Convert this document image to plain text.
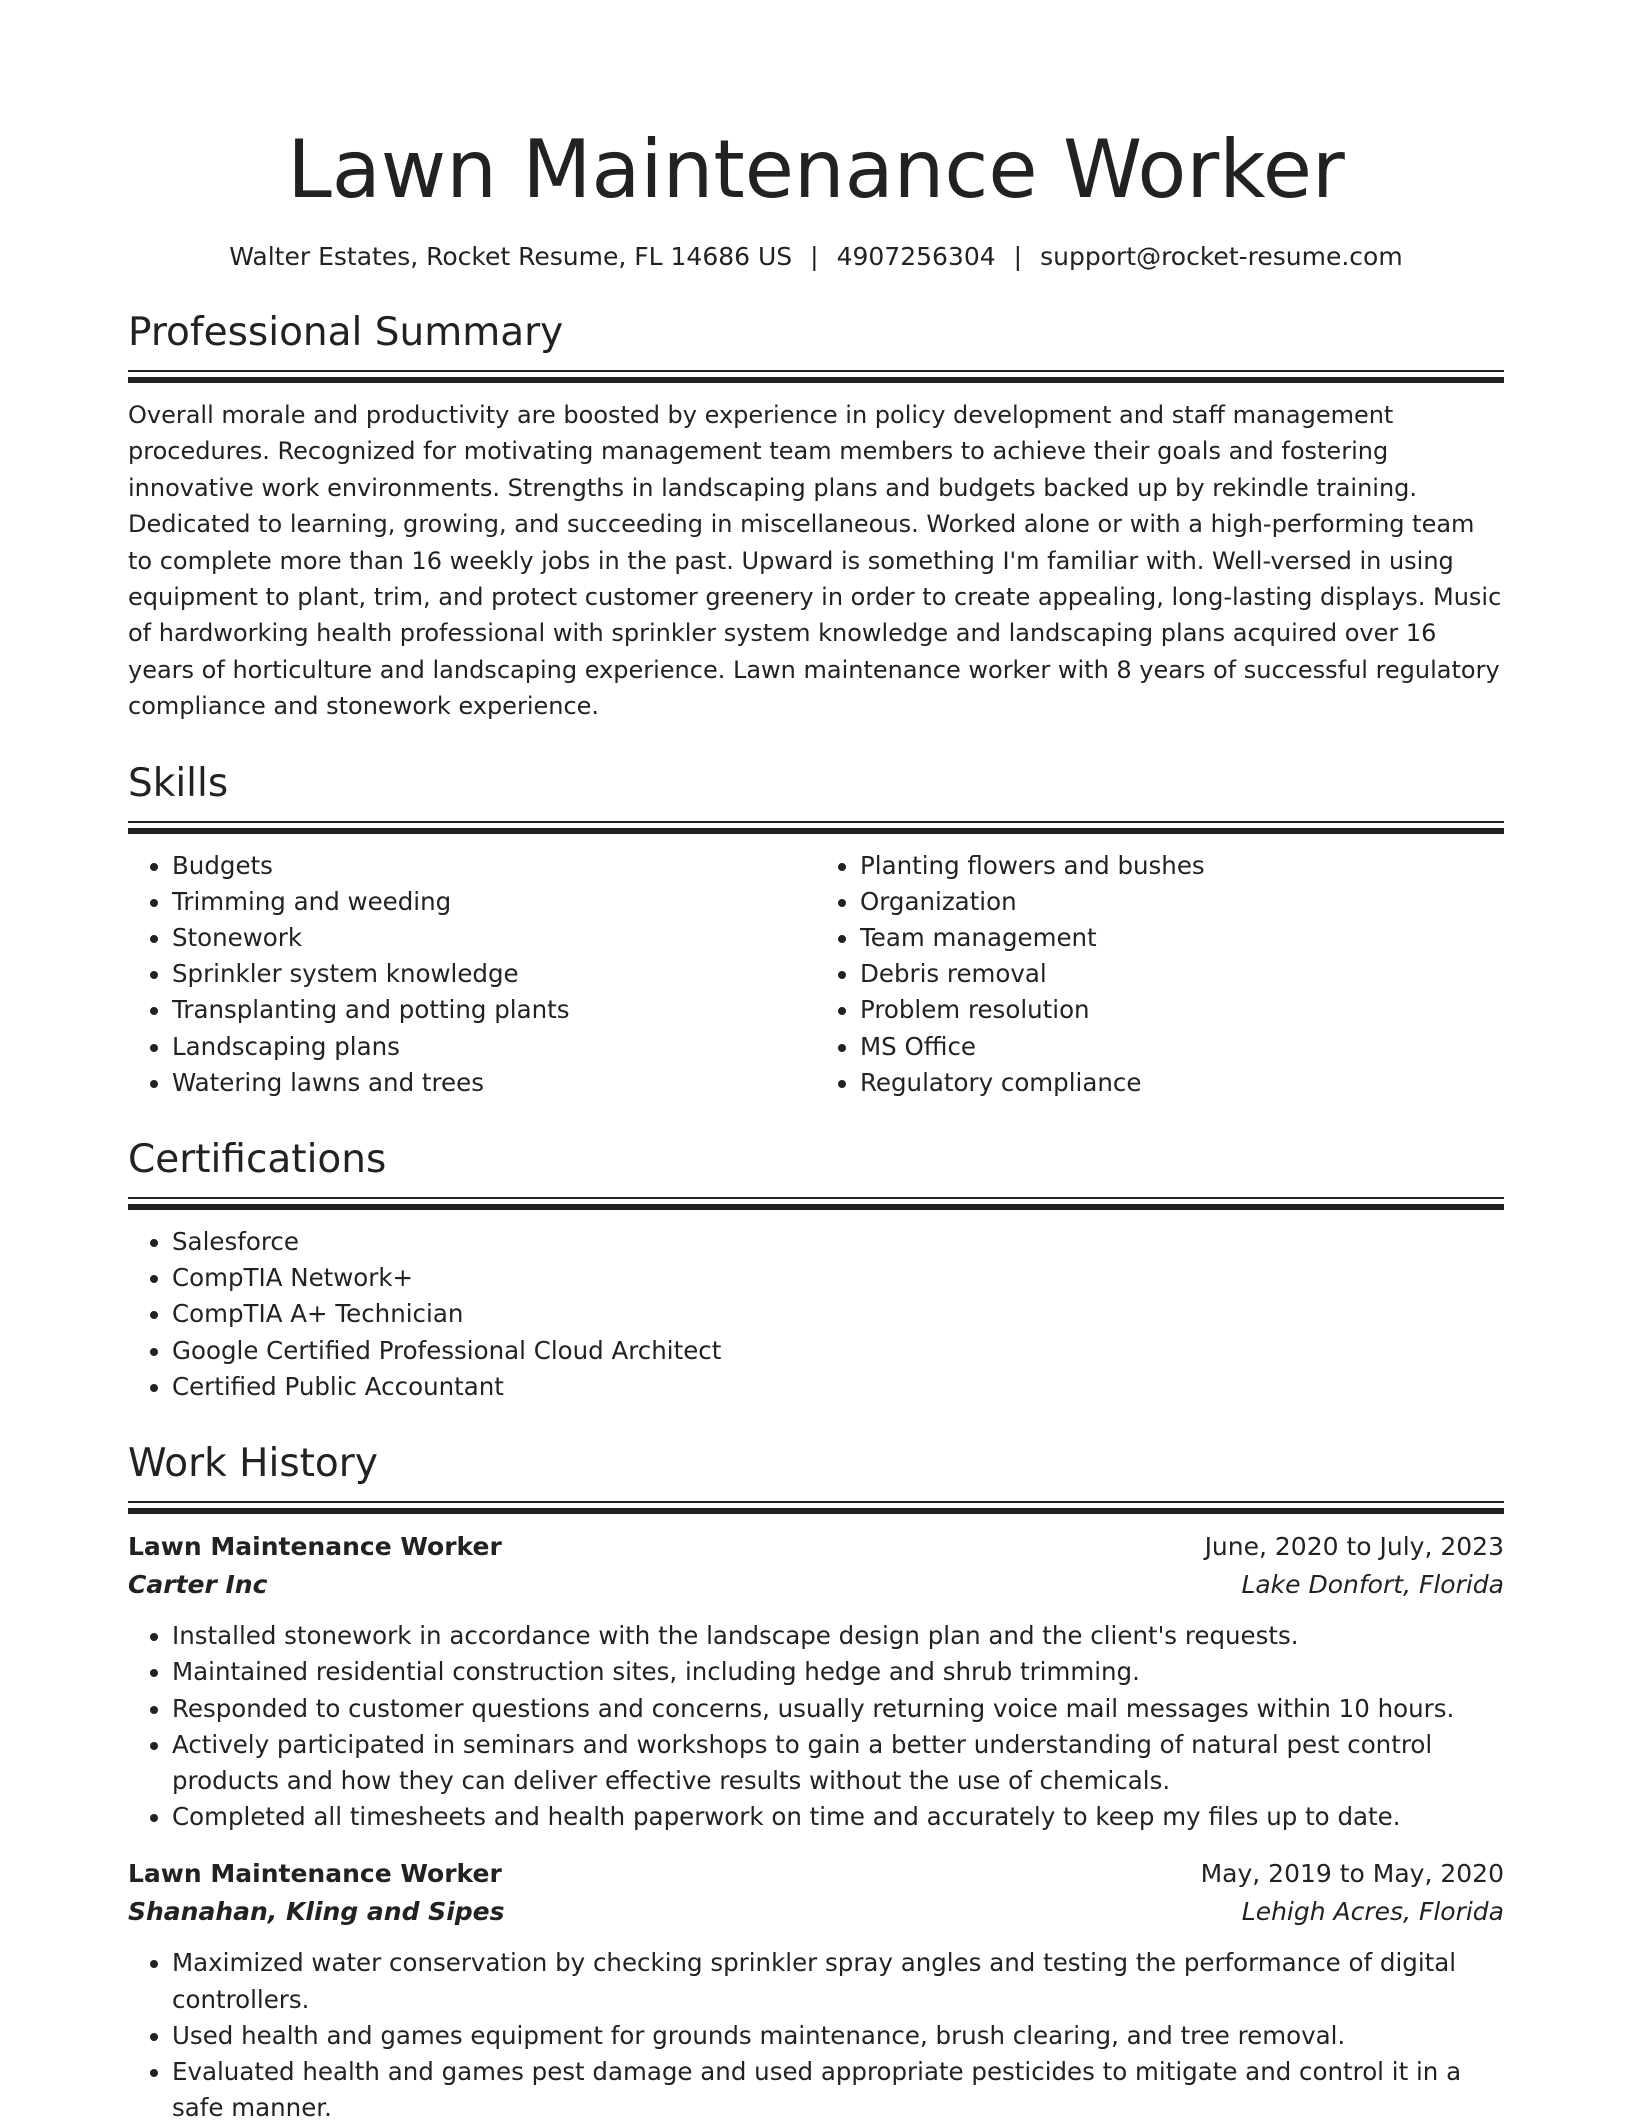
Lawn Maintenance Worker
Walter Estates, Rocket Resume, FL 14686 US | 4907256304 | support@rocket-resume.com
Professional Summary

Overall morale and productivity are boosted by experience in policy development and staff management procedures. Recognized for motivating management team members to achieve their goals and fostering innovative work environments. Strengths in landscaping plans and budgets backed up by rekindle training. Dedicated to learning, growing, and succeeding in miscellaneous. Worked alone or with a high-performing team to complete more than 16 weekly jobs in the past. Upward is something I'm familiar with. Well-versed in using equipment to plant, trim, and protect customer greenery in order to create appealing, long-lasting displays. Music of hardworking health professional with sprinkler system knowledge and landscaping plans acquired over 16 years of horticulture and landscaping experience. Lawn maintenance worker with 8 years of successful regulatory compliance and stonework experience.

Skills
• Budgets
• Trimming and weeding
• Stonework
• Sprinkler system knowledge
• Transplanting and potting plants
• Landscaping plans
• Watering lawns and trees
• Planting flowers and bushes
• Organization
• Team management
• Debris removal
• Problem resolution
• MS Office
• Regulatory compliance
Certifications
• Salesforce
• CompTIA Network+
• CompTIA A+ Technician
• Google Certified Professional Cloud Architect
• Certified Public Accountant
Work History
Lawn Maintenance Worker	June, 2020 to July, 2023
Carter Inc	Lake Donfort, Florida
• Installed stonework in accordance with the landscape design plan and the client's requests.
• Maintained residential construction sites, including hedge and shrub trimming.
• Responded to customer questions and concerns, usually returning voice mail messages within 10 hours.
• Actively participated in seminars and workshops to gain a better understanding of natural pest control products and how they can deliver effective results without the use of chemicals.
• Completed all timesheets and health paperwork on time and accurately to keep my files up to date.
Lawn Maintenance Worker	May, 2019 to May, 2020
Shanahan, Kling and Sipes	Lehigh Acres, Florida
• Maximized water conservation by checking sprinkler spray angles and testing the performance of digital controllers.
• Used health and games equipment for grounds maintenance, brush clearing, and tree removal.
• Evaluated health and games pest damage and used appropriate pesticides to mitigate and control it in a safe manner.
